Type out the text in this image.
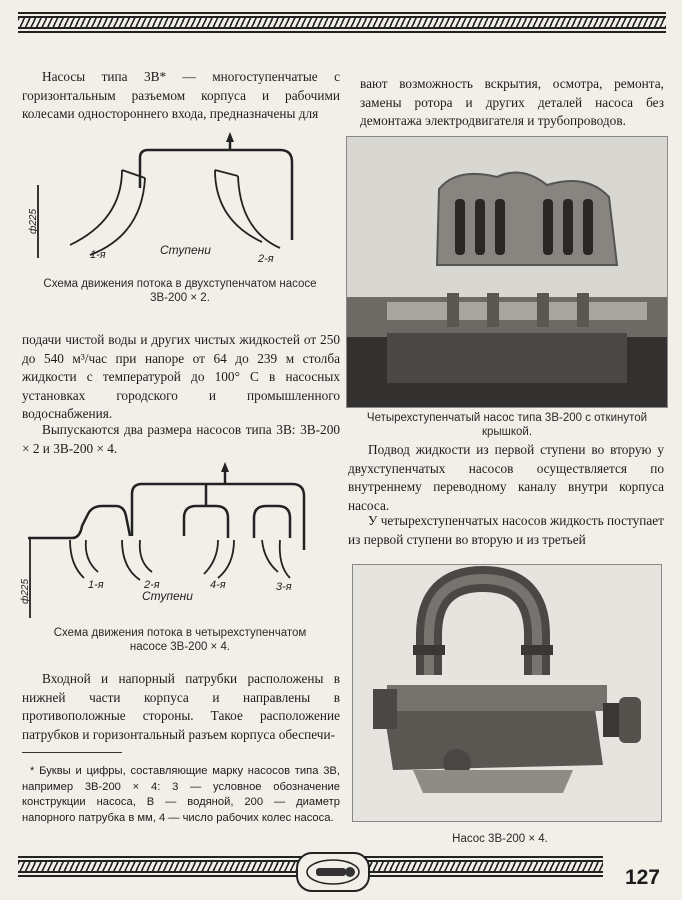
Насосы типа 3В* — многоступенчатые с горизонтальным разъемом корпуса и рабочими колесами одностороннего входа, предназначены для

ф225
1-я	Ступени
2-я

Схема движения потока в двухступенчатом насосе 3В-200 × 2.

подачи чистой воды и других чистых жидкостей от 250 до 540 м³/час при напоре от 64 до 239 м столба жидкости с температурой до 100° С в насосных установках городского и промышленного водоснабжения.

Выпускаются два размера насосов типа 3В: 3В-200 × 2 и 3В-200 × 4.

ф225	1-я	2-я
Ступени
4-я	3-я

Схема движения потока в четырехступенчатом насосе 3В-200 × 4.

Входной и напорный патрубки расположены в нижней части корпуса и направлены в противоположные стороны. Такое расположение патрубков и горизонтальный разъем корпуса обеспечи-

* Буквы и цифры, составляющие марку насосов типа 3В, например 3В-200 × 4: 3 — условное обозначение конструкции насоса, В — водяной, 200 — диаметр напорного патрубка в мм, 4 — число рабочих колес насоса.

вают возможность вскрытия, осмотра, ремонта, замены ротора и других деталей насоса без демонтажа электродвигателя и трубопроводов.

Четырехступенчатый насос типа 3В-200 с откинутой крышкой.

Подвод жидкости из первой ступени во вторую у двухступенчатых насосов осуществляется по внутреннему переводному каналу внутри корпуса насоса.

У четырехступенчатых насосов жидкость поступает из первой ступени во вторую и из третьей

Насос 3В-200 × 4.

127
